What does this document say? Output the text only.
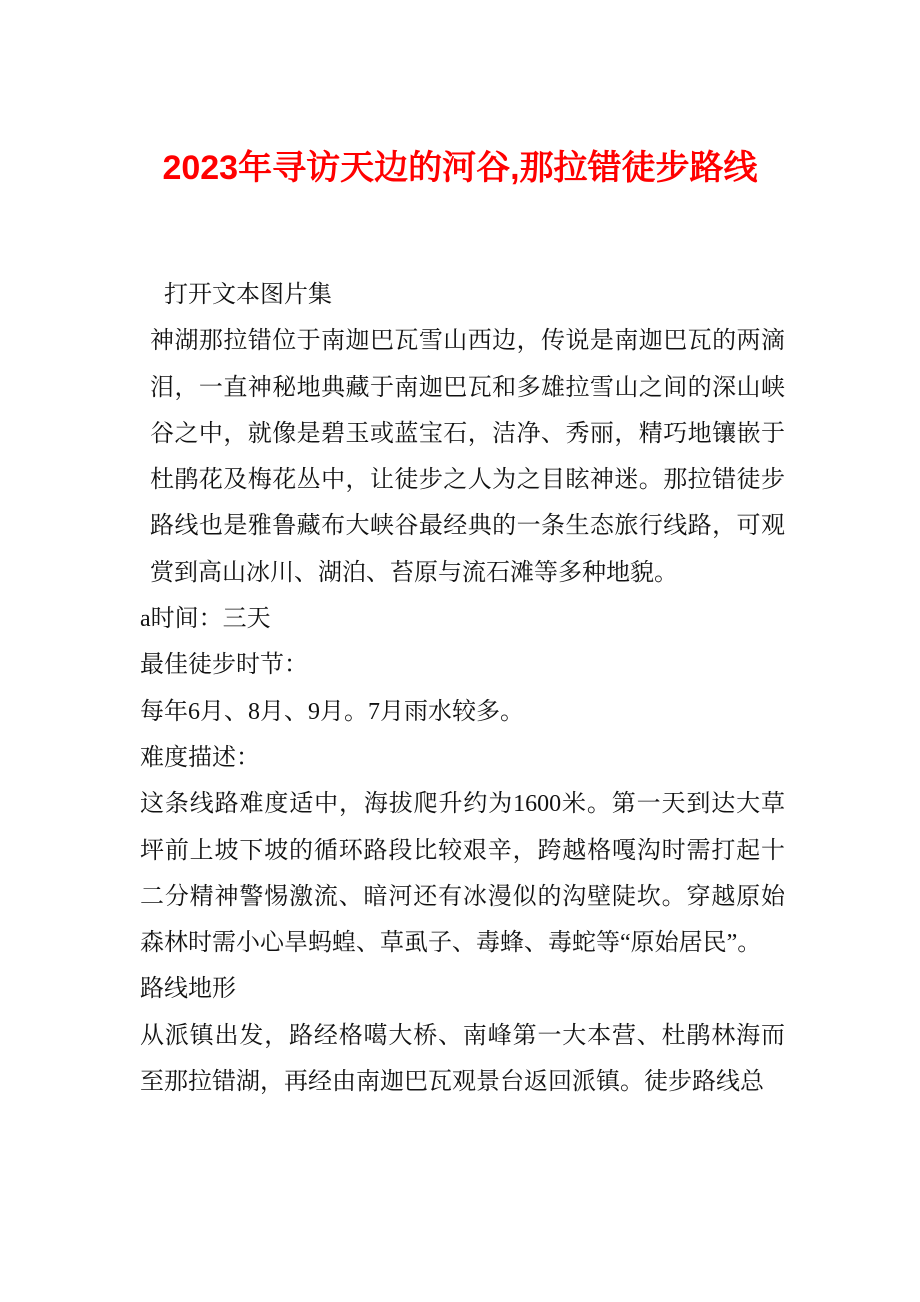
2023年寻访天边的河谷,那拉错徒步路线

打开文本图片集

神湖那拉错位于南迦巴瓦雪山西边，传说是南迦巴瓦的两滴泪，一直神秘地典藏于南迦巴瓦和多雄拉雪山之间的深山峡谷之中，就像是碧玉或蓝宝石，洁净、秀丽，精巧地镶嵌于杜鹃花及梅花丛中，让徒步之人为之目眩神迷。那拉错徒步路线也是雅鲁藏布大峡谷最经典的一条生态旅行线路，可观赏到高山冰川、湖泊、苔原与流石滩等多种地貌。

a时间：三天

最佳徒步时节：

每年6月、8月、9月。7月雨水较多。

难度描述：

这条线路难度适中，海拔爬升约为1600米。第一天到达大草坪前上坡下坡的循环路段比较艰辛，跨越格嘎沟时需打起十二分精神警惕激流、暗河还有冰漫似的沟壁陡坎。穿越原始森林时需小心旱蚂蝗、草虱子、毒蜂、毒蛇等“原始居民”。

路线地形

从派镇出发，路经格噶大桥、南峰第一大本营、杜鹃林海而至那拉错湖，再经由南迦巴瓦观景台返回派镇。徒步路线总
